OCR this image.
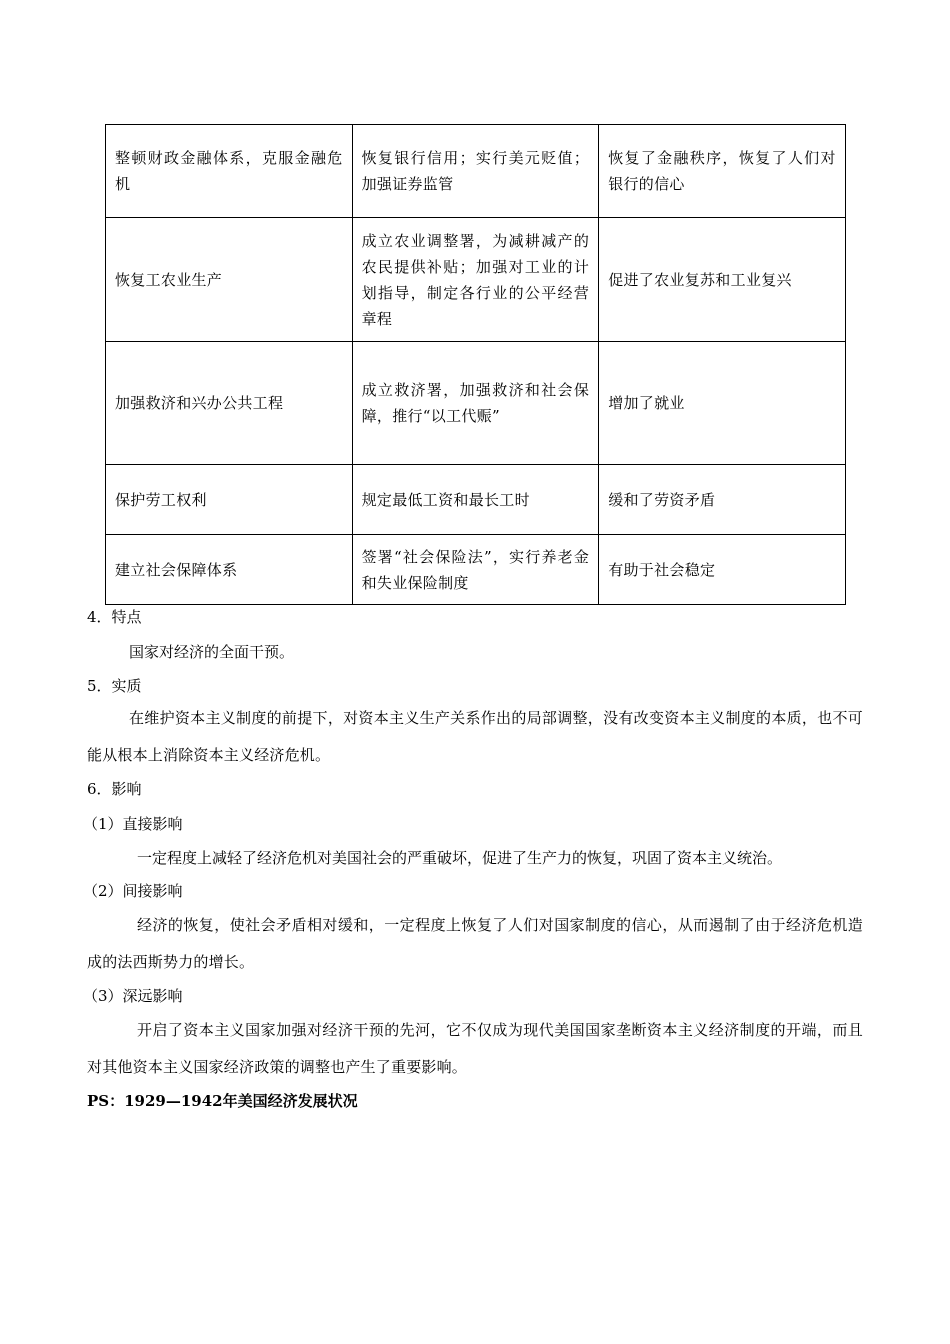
整顿财政金融体系，克服金融危机	恢复银行信用；实行美元贬值；加强证券监管	恢复了金融秩序，恢复了人们对银行的信心
恢复工农业生产	成立农业调整署，为减耕减产的农民提供补贴；加强对工业的计划指导，制定各行业的公平经营章程	促进了农业复苏和工业复兴
加强救济和兴办公共工程	成立救济署，加强救济和社会保障，推行“以工代赈”	增加了就业
保护劳工权利	规定最低工资和最长工时	缓和了劳资矛盾
建立社会保障体系	签署“社会保险法”，实行养老金和失业保险制度	有助于社会稳定
4．特点
国家对经济的全面干预。
5．实质
在维护资本主义制度的前提下，对资本主义生产关系作出的局部调整，没有改变资本主义制度的本质，也不可能从根本上消除资本主义经济危机。
6．影响
（1）直接影响
一定程度上减轻了经济危机对美国社会的严重破坏，促进了生产力的恢复，巩固了资本主义统治。
（2）间接影响
经济的恢复，使社会矛盾相对缓和，一定程度上恢复了人们对国家制度的信心，从而遏制了由于经济危机造成的法西斯势力的增长。
（3）深远影响
开启了资本主义国家加强对经济干预的先河，它不仅成为现代美国国家垄断资本主义经济制度的开端，而且对其他资本主义国家经济政策的调整也产生了重要影响。
PS：1929—1942年美国经济发展状况
